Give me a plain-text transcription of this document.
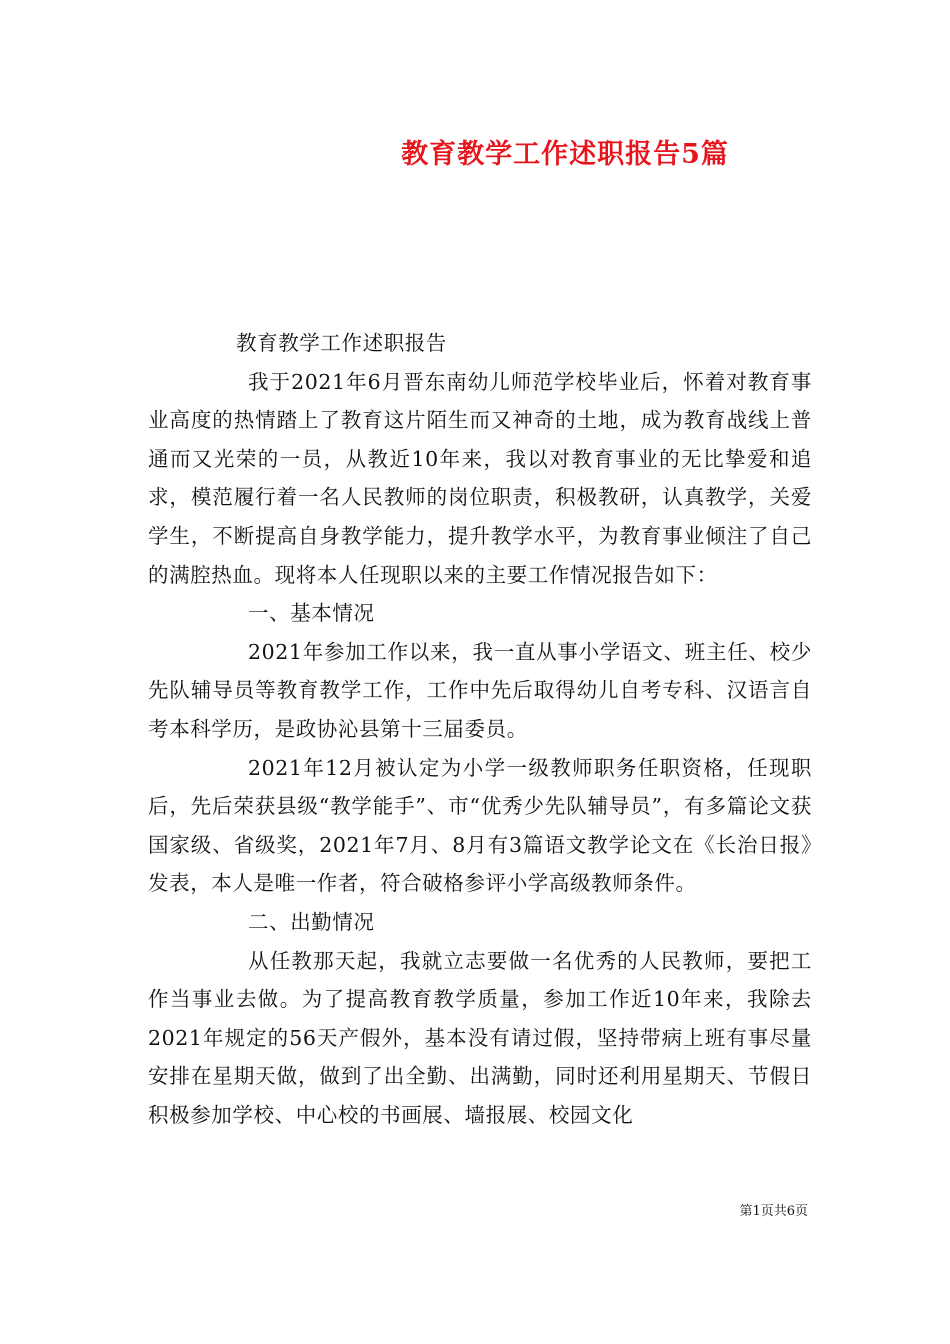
教育教学工作述职报告5篇

教育教学工作述职报告

我于2021年6月晋东南幼儿师范学校毕业后，怀着对教育事业高度的热情踏上了教育这片陌生而又神奇的土地，成为教育战线上普通而又光荣的一员，从教近10年来，我以对教育事业的无比挚爱和追求，模范履行着一名人民教师的岗位职责，积极教研，认真教学，关爱学生，不断提高自身教学能力，提升教学水平，为教育事业倾注了自己的满腔热血。现将本人任现职以来的主要工作情况报告如下：

一、基本情况

2021年参加工作以来，我一直从事小学语文、班主任、校少先队辅导员等教育教学工作，工作中先后取得幼儿自考专科、汉语言自考本科学历，是政协沁县第十三届委员。

2021年12月被认定为小学一级教师职务任职资格，任现职后，先后荣获县级“教学能手”、市“优秀少先队辅导员”，有多篇论文获国家级、省级奖，2021年7月、8月有3篇语文教学论文在《长治日报》发表，本人是唯一作者，符合破格参评小学高级教师条件。

二、出勤情况

从任教那天起，我就立志要做一名优秀的人民教师，要把工作当事业去做。为了提高教育教学质量，参加工作近10年来，我除去2021年规定的56天产假外，基本没有请过假，坚持带病上班有事尽量安排在星期天做，做到了出全勤、出满勤，同时还利用星期天、节假日积极参加学校、中心校的书画展、墙报展、校园文化

第1页共6页
